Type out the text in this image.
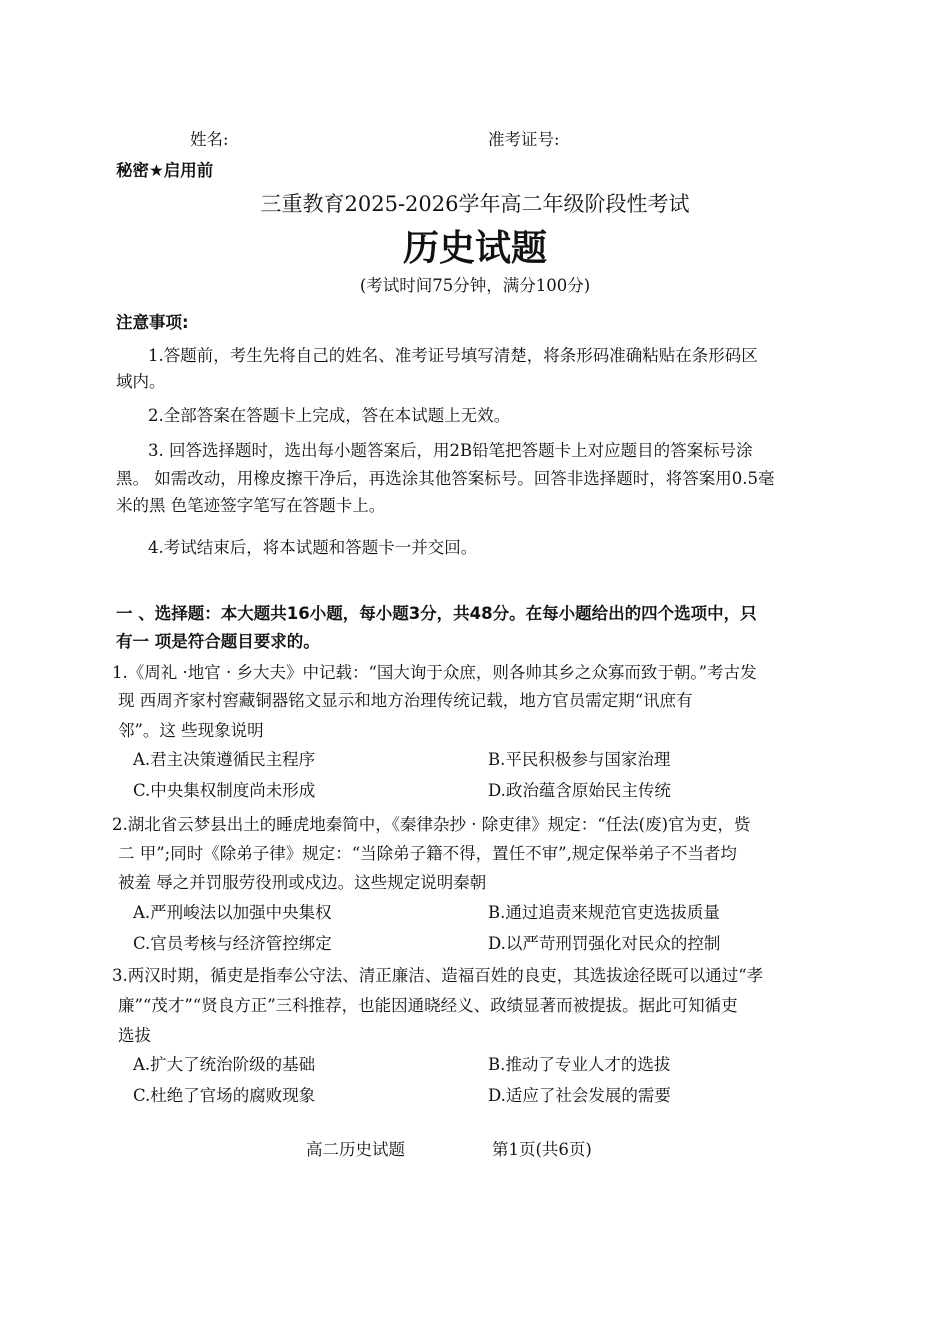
姓名:	准考证号:
秘密★启用前
三重教育2025-2026学年高二年级阶段性考试
历史试题
(考试时间75分钟，满分100分)
注意事项:
1.答题前，考生先将自己的姓名、准考证号填写清楚，将条形码准确粘贴在条形码区
域内。
2.全部答案在答题卡上完成，答在本试题上无效。
3. 回答选择题时，选出每小题答案后，用2B铅笔把答题卡上对应题目的答案标号涂
黑。 如需改动，用橡皮擦干净后，再选涂其他答案标号。回答非选择题时，将答案用0.5毫
米的黑 色笔迹签字笔写在答题卡上。
4.考试结束后，将本试题和答题卡一并交回。
一 、选择题：本大题共16小题，每小题3分，共48分。在每小题给出的四个选项中，只
有一 项是符合题目要求的。
1.《周礼 ·地官 · 乡大夫》中记载：“国大询于众庶，则各帅其乡之众寡而致于朝。”考古发
现 西周齐家村窖藏铜器铭文显示和地方治理传统记载，地方官员需定期“讯庶有
邻”。这 些现象说明
A.君主决策遵循民主程序	B.平民积极参与国家治理
C.中央集权制度尚未形成	D.政治蕴含原始民主传统
2.湖北省云梦县出土的睡虎地秦简中，《秦律杂抄 · 除吏律》规定：“任法(废)官为吏，赀
二 甲”;同时《除弟子律》规定：“当除弟子籍不得，置任不审”,规定保举弟子不当者均
被羞 辱之并罚服劳役刑或戍边。这些规定说明秦朝
A.严刑峻法以加强中央集权	B.通过追责来规范官吏选拔质量
C.官员考核与经济管控绑定	D.以严苛刑罚强化对民众的控制
3.两汉时期，循吏是指奉公守法、清正廉洁、造福百姓的良吏，其选拔途径既可以通过“孝
廉”“茂才”“贤良方正”三科推荐，也能因通晓经义、政绩显著而被提拔。据此可知循吏
选拔
A.扩大了统治阶级的基础	B.推动了专业人才的选拔
C.杜绝了官场的腐败现象	D.适应了社会发展的需要
高二历史试题	第1页(共6页)
